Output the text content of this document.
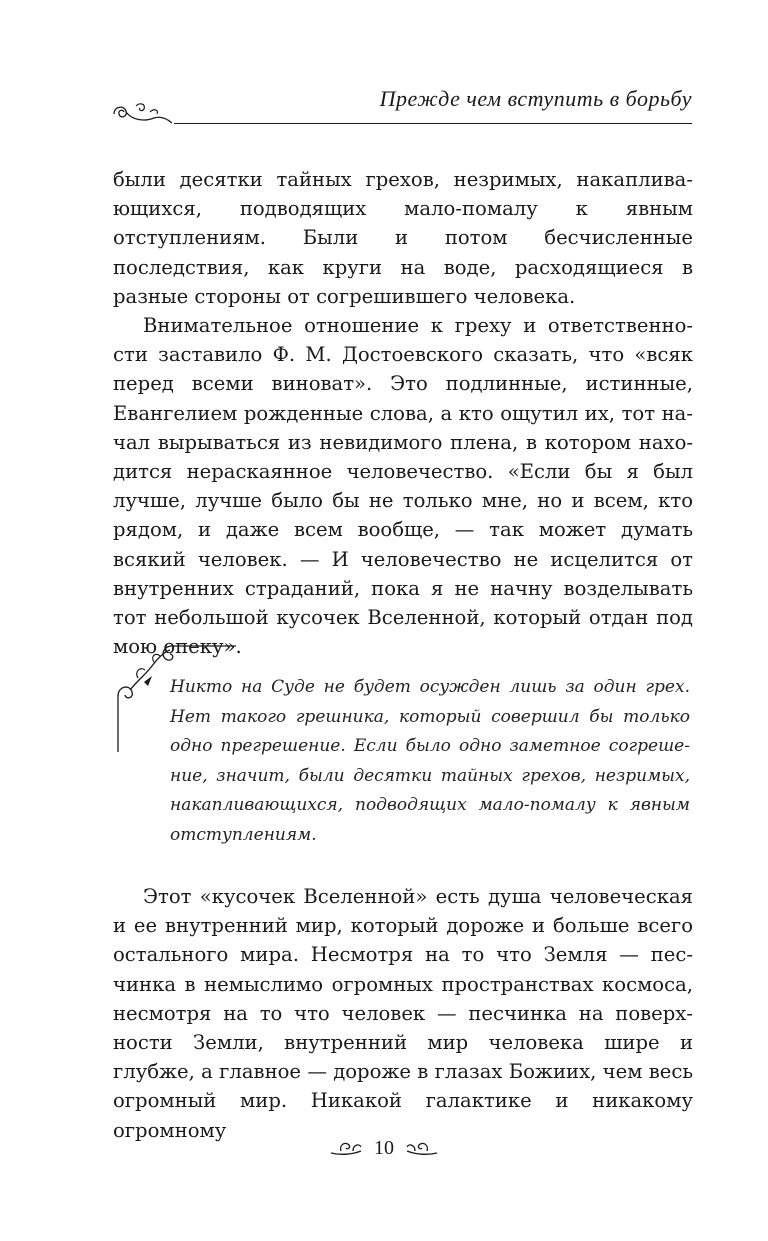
Прежде чем вступить в борьбу

были десятки тайных грехов, незримых, накапливающихся, подводящих мало-помалу к явным отступлениям. Были и потом бесчисленные последствия, как круги на воде, расходящиеся в разные стороны от согрешившего человека.

Внимательное отношение к греху и ответственности заставило Ф. М. Достоевского сказать, что «всяк перед всеми виноват». Это подлинные, истинные, Евангелием рожденные слова, а кто ощутил их, тот начал вырываться из невидимого плена, в котором находится нераскаянное человечество. «Если бы я был лучше, лучше было бы не только мне, но и всем, кто рядом, и даже всем вообще, — так может думать всякий человек. — И человечество не исцелится от внутренних страданий, пока я не начну возделывать тот небольшой кусочек Вселенной, который отдан под мою опеку».

Никто на Суде не будет осужден лишь за один грех. Нет такого грешника, который совершил бы только одно прегрешение. Если было одно заметное согрешение, значит, были десятки тайных грехов, незримых, накапливающихся, подводящих мало-помалу к явным отступлениям.

Этот «кусочек Вселенной» есть душа человеческая и ее внутренний мир, который дороже и больше всего остального мира. Несмотря на то что Земля — песчинка в немыслимо огромных пространствах космоса, несмотря на то что человек — песчинка на поверхности Земли, внутренний мир человека шире и глубже, а главное — дороже в глазах Божиих, чем весь огромный мир. Никакой галактике и никакому огромному

10
